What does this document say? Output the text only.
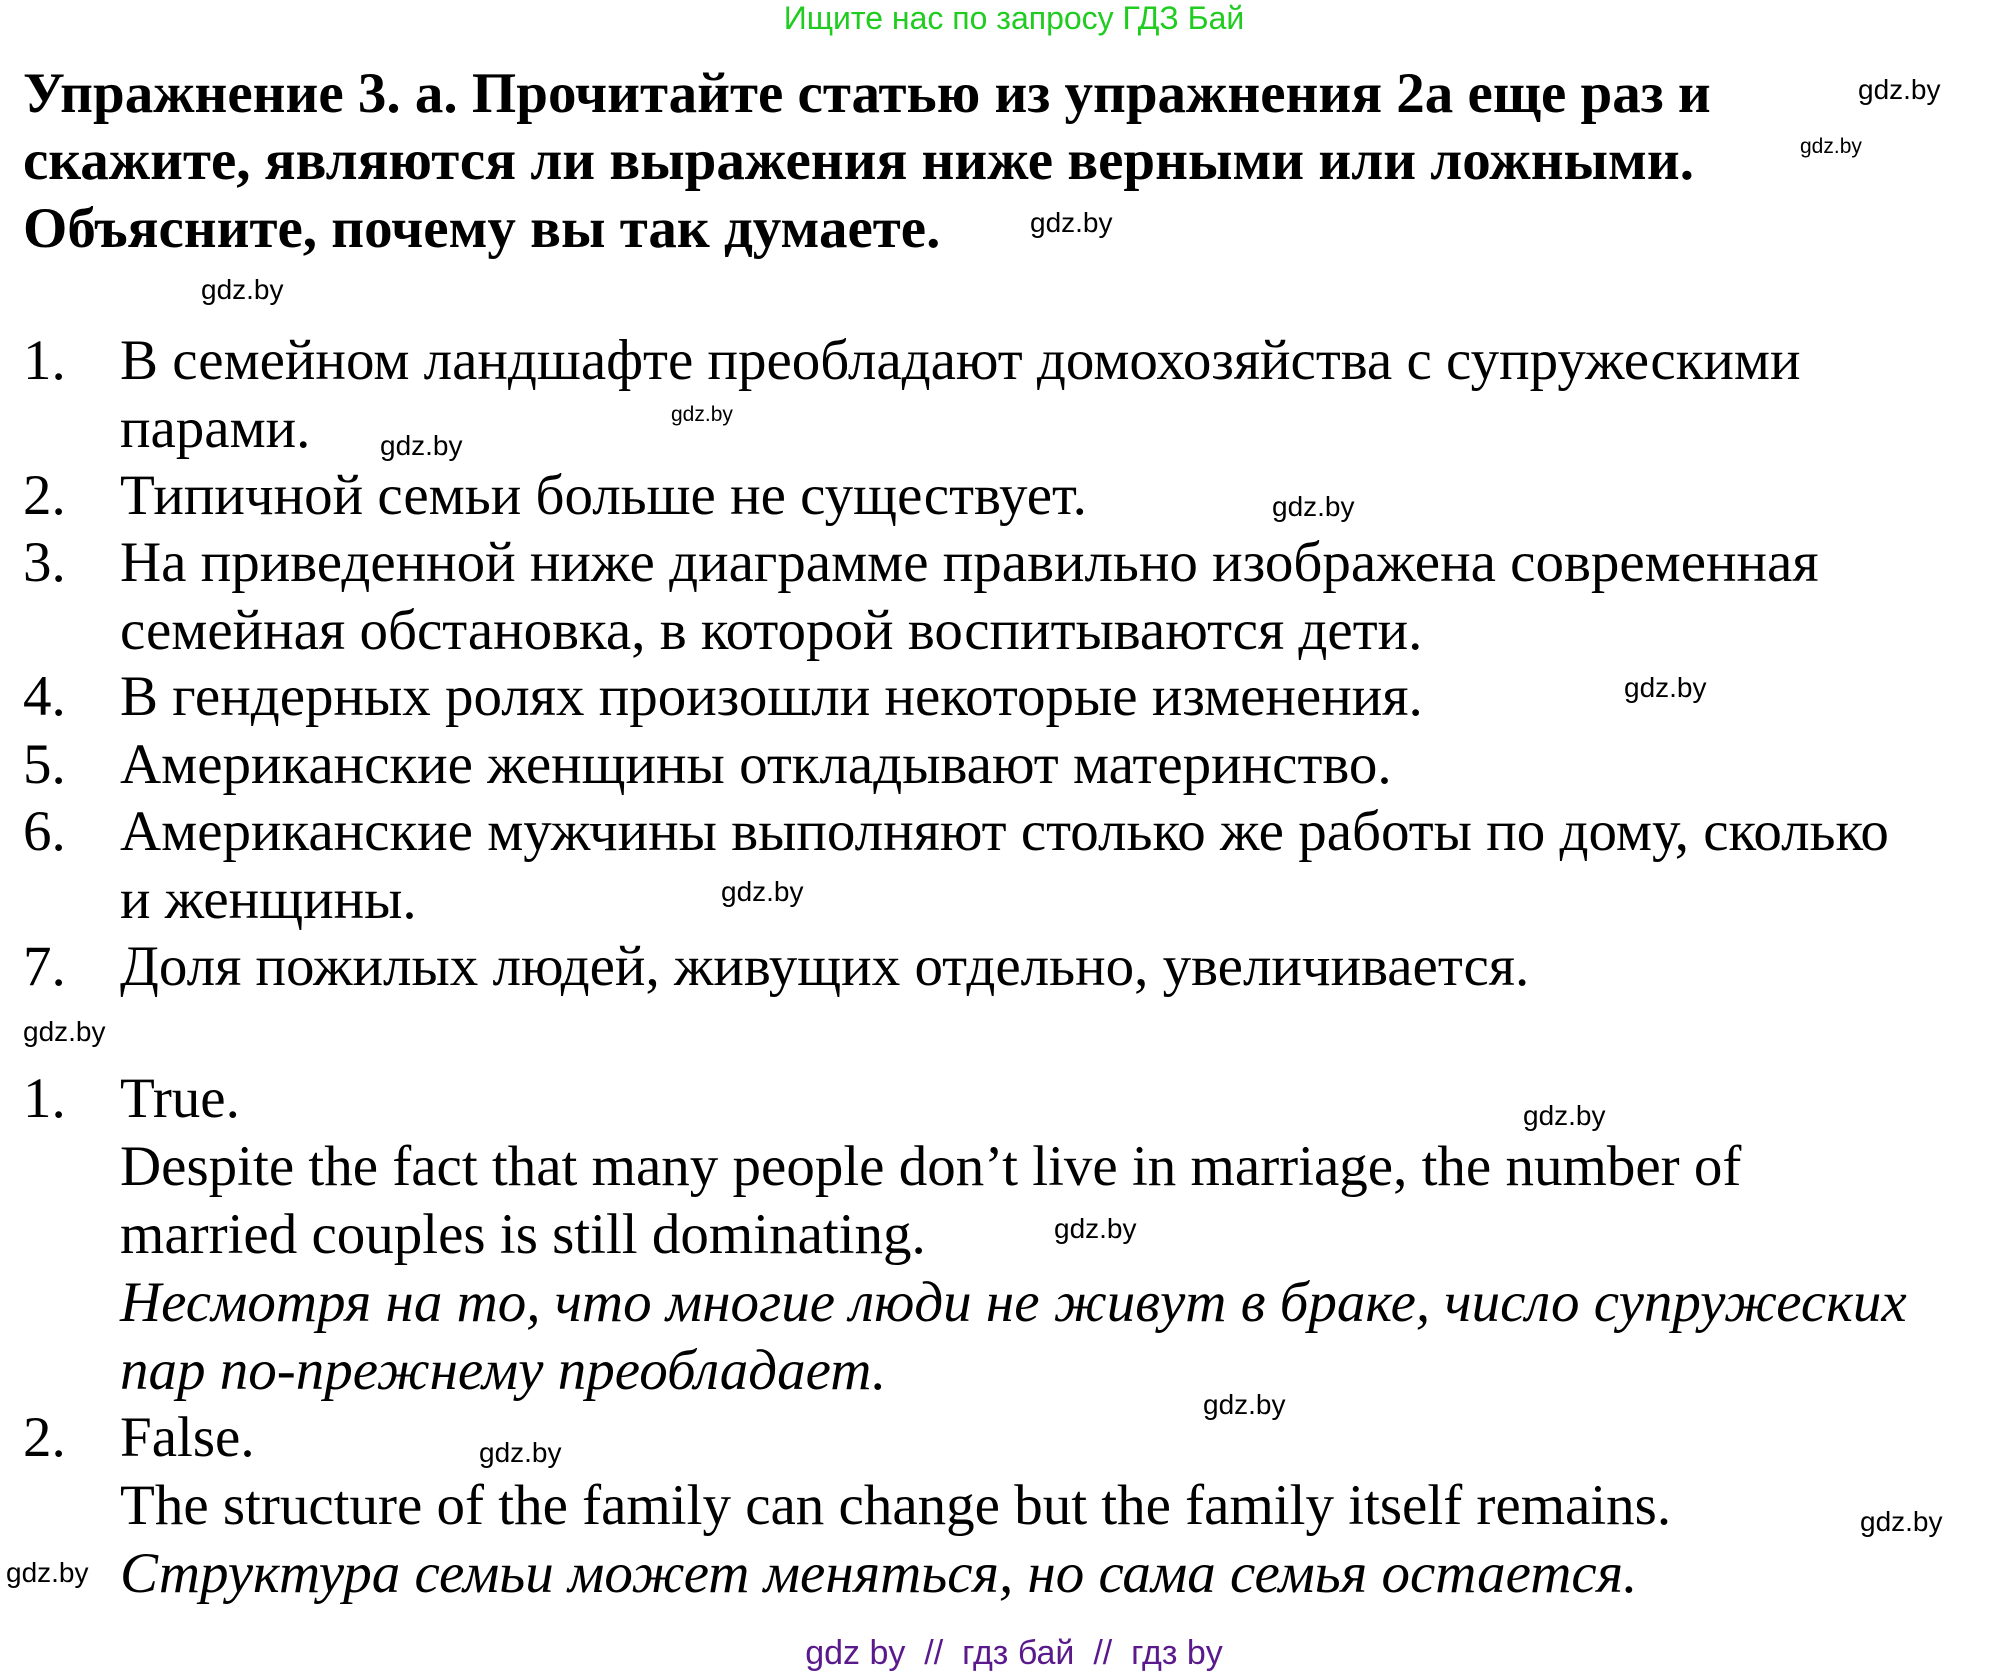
Ищите нас по запросу ГДЗ Бай
Упражнение 3. а. Прочитайте статью из упражнения 2а еще раз и
скажите, являются ли выражения ниже верными или ложными.
Объясните, почему вы так думаете.
1. В семейном ландшафте преобладают домохозяйства с супружескими
парами.
2. Типичной семьи больше не существует.
3. На приведенной ниже диаграмме правильно изображена современная
семейная обстановка, в которой воспитываются дети.
4. В гендерных ролях произошли некоторые изменения.
5. Американские женщины откладывают материнство.
6. Американские мужчины выполняют столько же работы по дому, сколько
и женщины.
7. Доля пожилых людей, живущих отдельно, увеличивается.
1. True.
Despite the fact that many people don’t live in marriage, the number of
married couples is still dominating.
Несмотря на то, что многие люди не живут в браке, число супружеских
пар по-прежнему преобладает.
2. False.
The structure of the family can change but the family itself remains.
Структура семьи может меняться, но сама семья остается.
gdz.by
gdz.by
gdz.by
gdz.by
gdz.by
gdz.by
gdz.by
gdz.by
gdz.by
gdz.by
gdz.by
gdz.by
gdz.by
gdz.by
gdz.by
gdz.by
gdz by  //  гдз бай  //  гдз by
